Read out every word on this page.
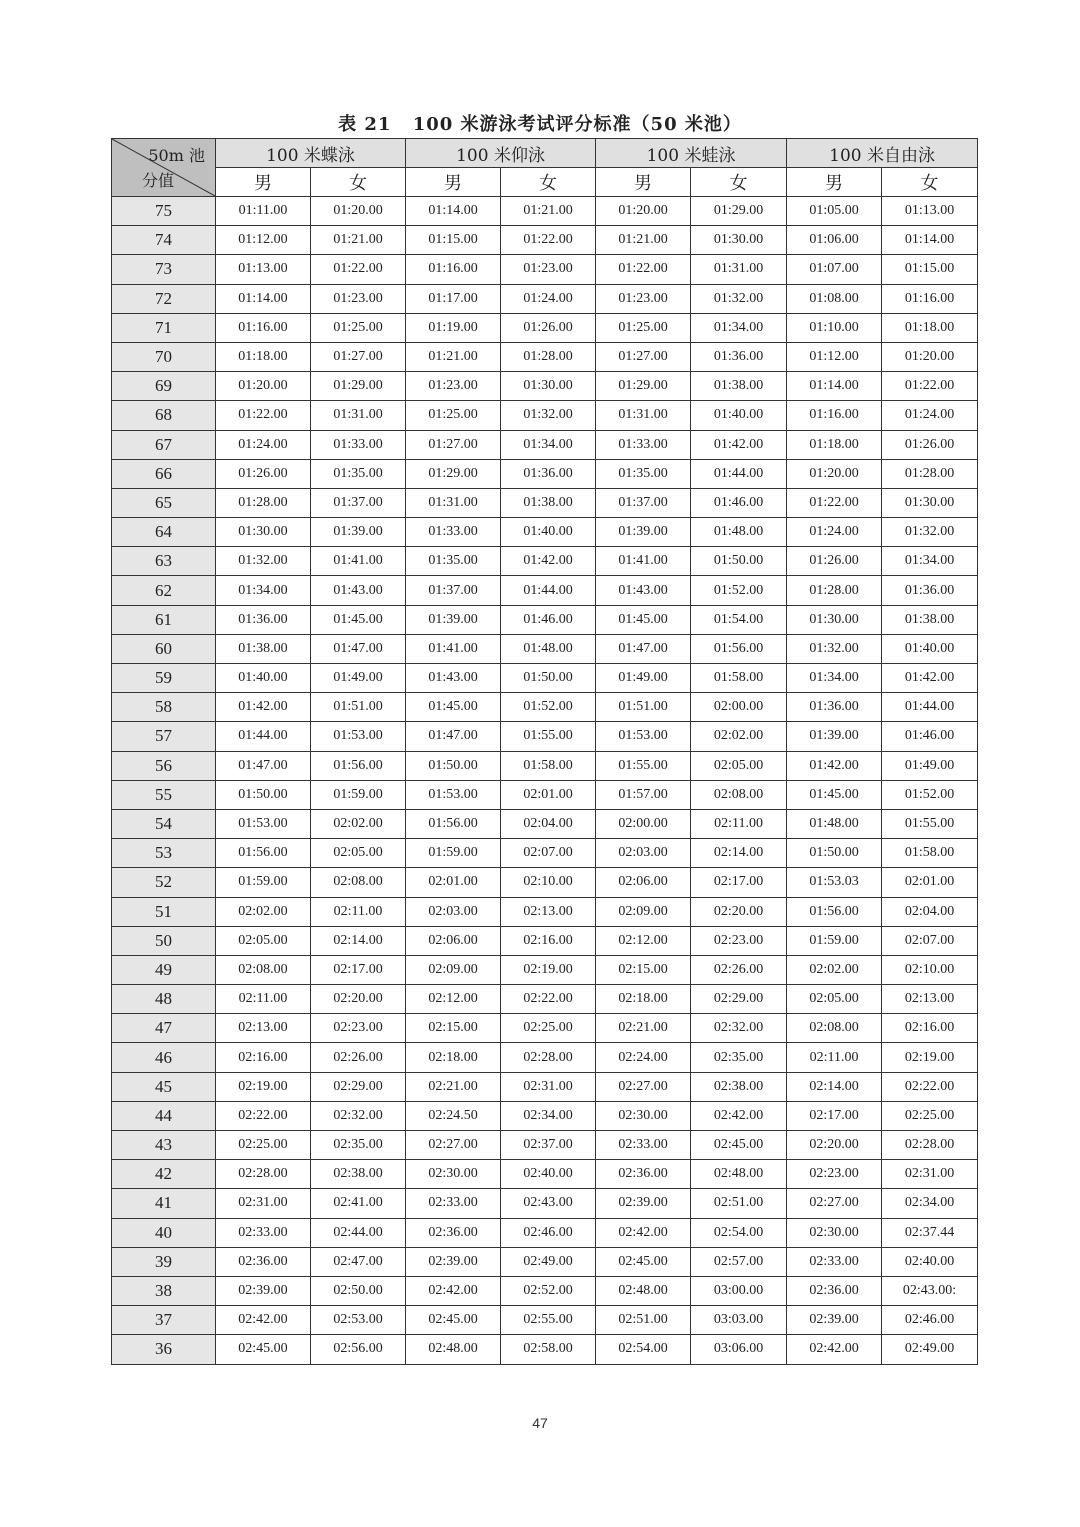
表 21 100 米游泳考试评分标准（50 米池）
50m 池
分值	100 米蝶泳		100 米仰泳		100 米蛙泳		100 米自由泳	
	男	女	男	女	男	女	男	女
75	01:11.00	01:20.00	01:14.00	01:21.00	01:20.00	01:29.00	01:05.00	01:13.00
74	01:12.00	01:21.00	01:15.00	01:22.00	01:21.00	01:30.00	01:06.00	01:14.00
73	01:13.00	01:22.00	01:16.00	01:23.00	01:22.00	01:31.00	01:07.00	01:15.00
72	01:14.00	01:23.00	01:17.00	01:24.00	01:23.00	01:32.00	01:08.00	01:16.00
71	01:16.00	01:25.00	01:19.00	01:26.00	01:25.00	01:34.00	01:10.00	01:18.00
70	01:18.00	01:27.00	01:21.00	01:28.00	01:27.00	01:36.00	01:12.00	01:20.00
69	01:20.00	01:29.00	01:23.00	01:30.00	01:29.00	01:38.00	01:14.00	01:22.00
68	01:22.00	01:31.00	01:25.00	01:32.00	01:31.00	01:40.00	01:16.00	01:24.00
67	01:24.00	01:33.00	01:27.00	01:34.00	01:33.00	01:42.00	01:18.00	01:26.00
66	01:26.00	01:35.00	01:29.00	01:36.00	01:35.00	01:44.00	01:20.00	01:28.00
65	01:28.00	01:37.00	01:31.00	01:38.00	01:37.00	01:46.00	01:22.00	01:30.00
64	01:30.00	01:39.00	01:33.00	01:40.00	01:39.00	01:48.00	01:24.00	01:32.00
63	01:32.00	01:41.00	01:35.00	01:42.00	01:41.00	01:50.00	01:26.00	01:34.00
62	01:34.00	01:43.00	01:37.00	01:44.00	01:43.00	01:52.00	01:28.00	01:36.00
61	01:36.00	01:45.00	01:39.00	01:46.00	01:45.00	01:54.00	01:30.00	01:38.00
60	01:38.00	01:47.00	01:41.00	01:48.00	01:47.00	01:56.00	01:32.00	01:40.00
59	01:40.00	01:49.00	01:43.00	01:50.00	01:49.00	01:58.00	01:34.00	01:42.00
58	01:42.00	01:51.00	01:45.00	01:52.00	01:51.00	02:00.00	01:36.00	01:44.00
57	01:44.00	01:53.00	01:47.00	01:55.00	01:53.00	02:02.00	01:39.00	01:46.00
56	01:47.00	01:56.00	01:50.00	01:58.00	01:55.00	02:05.00	01:42.00	01:49.00
55	01:50.00	01:59.00	01:53.00	02:01.00	01:57.00	02:08.00	01:45.00	01:52.00
54	01:53.00	02:02.00	01:56.00	02:04.00	02:00.00	02:11.00	01:48.00	01:55.00
53	01:56.00	02:05.00	01:59.00	02:07.00	02:03.00	02:14.00	01:50.00	01:58.00
52	01:59.00	02:08.00	02:01.00	02:10.00	02:06.00	02:17.00	01:53.03	02:01.00
51	02:02.00	02:11.00	02:03.00	02:13.00	02:09.00	02:20.00	01:56.00	02:04.00
50	02:05.00	02:14.00	02:06.00	02:16.00	02:12.00	02:23.00	01:59.00	02:07.00
49	02:08.00	02:17.00	02:09.00	02:19.00	02:15.00	02:26.00	02:02.00	02:10.00
48	02:11.00	02:20.00	02:12.00	02:22.00	02:18.00	02:29.00	02:05.00	02:13.00
47	02:13.00	02:23.00	02:15.00	02:25.00	02:21.00	02:32.00	02:08.00	02:16.00
46	02:16.00	02:26.00	02:18.00	02:28.00	02:24.00	02:35.00	02:11.00	02:19.00
45	02:19.00	02:29.00	02:21.00	02:31.00	02:27.00	02:38.00	02:14.00	02:22.00
44	02:22.00	02:32.00	02:24.50	02:34.00	02:30.00	02:42.00	02:17.00	02:25.00
43	02:25.00	02:35.00	02:27.00	02:37.00	02:33.00	02:45.00	02:20.00	02:28.00
42	02:28.00	02:38.00	02:30.00	02:40.00	02:36.00	02:48.00	02:23.00	02:31.00
41	02:31.00	02:41.00	02:33.00	02:43.00	02:39.00	02:51.00	02:27.00	02:34.00
40	02:33.00	02:44.00	02:36.00	02:46.00	02:42.00	02:54.00	02:30.00	02:37.44
39	02:36.00	02:47.00	02:39.00	02:49.00	02:45.00	02:57.00	02:33.00	02:40.00
38	02:39.00	02:50.00	02:42.00	02:52.00	02:48.00	03:00.00	02:36.00	02:43.00:
37	02:42.00	02:53.00	02:45.00	02:55.00	02:51.00	03:03.00	02:39.00	02:46.00
36	02:45.00	02:56.00	02:48.00	02:58.00	02:54.00	03:06.00	02:42.00	02:49.00
47
